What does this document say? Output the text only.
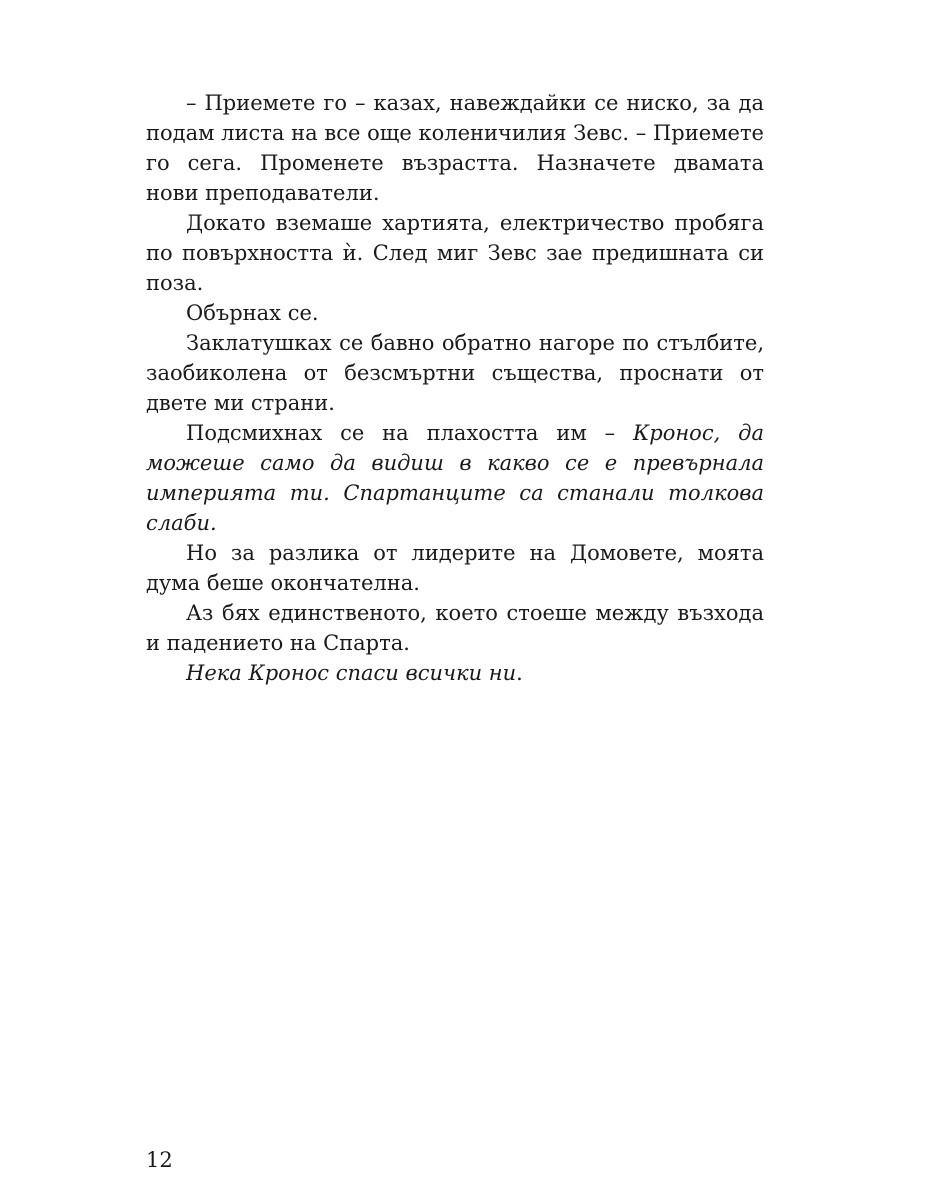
– Приемете го – казах, навеждайки се ниско, за да подам листа на все още коленичилия Зевс. – Приемете го сега. Променете възрастта. Назначете двамата нови преподаватели.

Докато вземаше хартията, електричество пробягa по повърхността ѝ. След миг Зевс зае предишната си поза.

Обърнах се.

Заклатушках се бавно обратно нагоре по стълбите, заобиколена от безсмъртни същества, проснати от двете ми страни.

Подсмихнах се на плахостта им – Кронос, да можеше само да видиш в какво се е превърнала империята ти. Спартанците са станали толкова слаби.

Но за разлика от лидерите на Домовете, моята дума беше окончателна.

Аз бях единственото, което стоеше между възхода и падението на Спарта.

Нека Кронос спаси всички ни.

12
